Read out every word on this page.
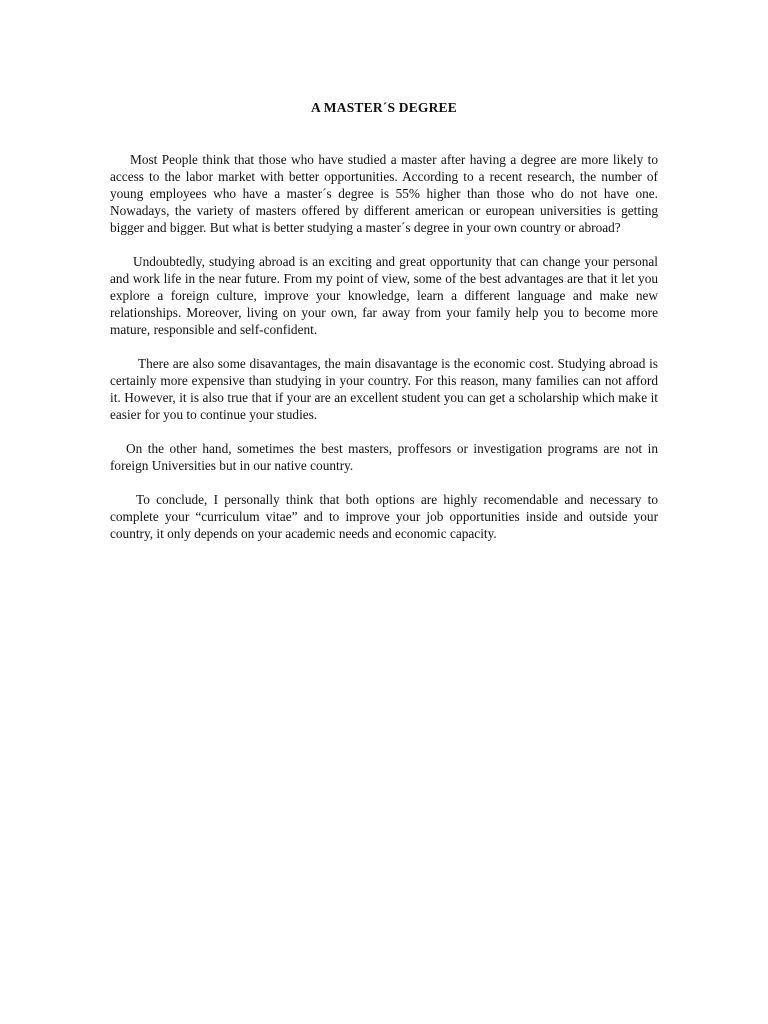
A MASTER´S DEGREE

Most People think that those who have studied a master after having a degree are more likely to access to the labor market with better opportunities. According to a recent research, the number of young employees who have a master´s degree is 55% higher than those who do not have one. Nowadays, the variety of masters offered by different american or european universities is getting bigger and bigger. But what is better studying a master´s degree in your own country or abroad?

Undoubtedly, studying abroad is an exciting and great opportunity that can change your personal and work life in the near future. From my point of view, some of the best advantages are that it let you explore a foreign culture, improve your knowledge, learn a different language and make new relationships. Moreover, living on your own, far away from your family help you to become more mature, responsible and self-confident.

There are also some disavantages, the main disavantage is the economic cost. Studying abroad is certainly more expensive than studying in your country. For this reason, many families can not afford it. However, it is also true that if your are an excellent student you can get a scholarship which make it easier for you to continue your studies.

On the other hand, sometimes the best masters, proffesors or investigation programs are not in foreign Universities but in our native country.

To conclude, I personally think that both options are highly recomendable and necessary to complete your “curriculum vitae” and to improve your job opportunities inside and outside your country, it only depends on your academic needs and economic capacity.
